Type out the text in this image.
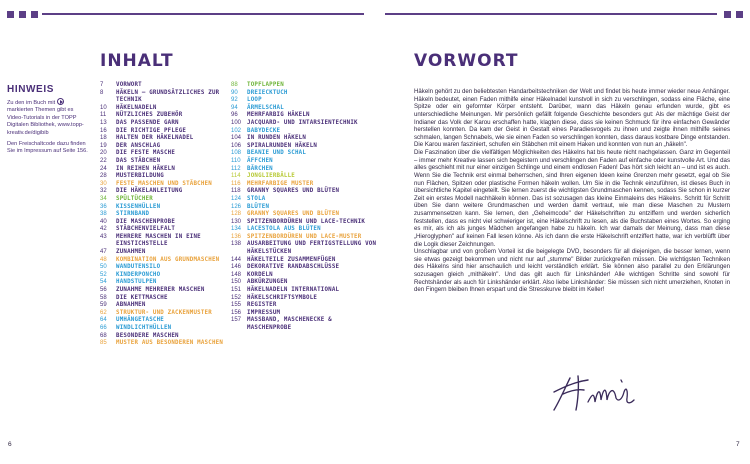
INHALT	VORWORT
HINWEIS
Zu den im Buch mit  markierten Themen gibt es Video-Tutorials in der TOPP Digitalen Bibliothek, www.topp-kreativ.de/digibib
Den Freischaltcode dazu finden Sie im Impressum auf Seite 156.
7	VORWORT
8	HÄKELN – GRUNDSÄTZLICHES ZUR TECHNIK
10	HÄKELNADELN
11	NÜTZLICHES ZUBEHÖR
13	DAS PASSENDE GARN
16	DIE RICHTIGE PFLEGE
18	HALTEN DER HÄKELNADEL
19	DER ANSCHLAG
20	DIE FESTE MASCHE
22	DAS STÄBCHEN
24	IN REIHEN HÄKELN
28	MUSTERBILDUNG
30	FESTE MASCHEN UND STÄBCHEN
32	DIE HÄKELANLEITUNG
34	SPÜLTÜCHER
36	KISSENHÜLLEN
38	STIRNBAND
40	DIE MASCHENPROBE
42	STÄBCHENVIELFALT
43	MEHRERE MASCHEN IN EINE EINSTICHSTELLE
47	ZUNAHMEN
48	KOMBINATION AUS GRUNDMASCHEN
50	WANDUTENSILO
52	KINDERPONCHO
54	HANDSTULPEN
56	ZUNAHME MEHRERER MASCHEN
58	DIE KETTMASCHE
59	ABNAHMEN
62	STRUKTUR- UND ZACKENMUSTER
64	UMHÄNGETASCHE
66	WINDLICHTHÜLLEN
68	BESONDERE MASCHEN
85	MUSTER AUS BESONDEREN MASCHEN
88	TOPFLAPPEN
90	DREIECKTUCH
92	LOOP
94	ÄRMELSCHAL
96	MEHRFARBIG HÄKELN
100	JACQUARD- UND INTARSIENTECHNIK
102	BABYDECKE
104	IN RUNDEN HÄKELN
106	SPIRALRUNDEN HÄKELN
108	BEANIE UND SCHAL
110	ÄFFCHEN
112	BÄRCHEN
114	JONGLIERBÄLLE
116	MEHRFARBIGE MUSTER
118	GRANNY SQUARES UND BLÜTEN
124	STOLA
126	BLÜTEN
128	GRANNY SQUARES UND BLÜTEN
130	SPITZENBORDÜREN UND LACE-TECHNIK
134	LACESTOLA AUS BLÜTEN
136	SPITZENBORDÜREN UND LACE-MUSTER
138	AUSARBEITUNG UND FERTIGSTELLUNG VON HÄKELSTÜCKEN
144	HÄKELTEILE ZUSAMMENFÜGEN
146	DEKORATIVE RANDABSCHLÜSSE
148	KORDELN
150	ABKÜRZUNGEN
151	HÄKELNADELN INTERNATIONAL
152	HÄKELSCHRIFTSYMBOLE
155	REGISTER
156	IMPRESSUM
157	MASSBAND, MASCHENECKE & MASCHENPROBE

Häkeln gehört zu den beliebtesten Handarbeitstechniken der Welt und findet bis heute immer wieder neue Anhänger. Häkeln bedeutet, einen Faden mithilfe einer Häkelnadel kunstvoll in sich zu verschlingen, sodass eine Fläche, eine Spitze oder ein geformter Körper entsteht. Darüber, wann das Häkeln genau erfunden wurde, gibt es unterschiedliche Meinungen. Mir persönlich gefällt folgende Geschichte besonders gut: Als der mächtige Geist der Indianer das Volk der Karou erschaffen hatte, klagten diese, dass sie keinen Schmuck für ihre einfachen Gewänder herstellen konnten. Da kam der Geist in Gestalt eines Paradiesvogels zu ihnen und zeigte ihnen mithilfe seines schmalen, langen Schnabels, wie sie einen Faden so verschlingen konnten, dass daraus kostbare Dinge entstanden. Die Karou waren fasziniert, schufen ein Stäbchen mit einem Haken und konnten von nun an „häkeln".

Die Faszination über die vielfältigen Möglichkeiten des Häkelns hat bis heute nicht nachgelassen. Ganz im Gegenteil – immer mehr Kreative lassen sich begeistern und verschlingen den Faden auf einfache oder kunstvolle Art. Und das alles geschieht mit nur einer einzigen Schlinge und einem endlosen Faden! Das hört sich leicht an – und ist es auch. Wenn Sie die Technik erst einmal beherrschen, sind Ihren eigenen Ideen keine Grenzen mehr gesetzt, egal ob Sie nun Flächen, Spitzen oder plastische Formen häkeln wollen. Um Sie in die Technik einzuführen, ist dieses Buch in übersichtliche Kapitel eingeteilt. Sie lernen zuerst die wichtigsten Grundmaschen kennen, sodass Sie schon in kurzer Zeit ein erstes Modell nachhäkeln können. Das ist sozusagen das kleine Einmaleins des Häkelns. Schritt für Schritt üben Sie dann weitere Grundmaschen und werden damit vertraut, wie man diese Maschen zu Mustern zusammensetzen kann. Sie lernen, den „Geheimcode" der Häkelschriften zu entziffern und werden sicherlich feststellen, dass es nicht viel schwieriger ist, eine Häkelschrift zu lesen, als die Buchstaben eines Wortes. So erging es mir, als ich als junges Mädchen angefangen habe zu häkeln. Ich war damals der Meinung, dass man diese „Hieroglyphen" auf keinen Fall lesen könne. Als ich dann die erste Häkelschrift entziffert hatte, war ich verblüfft über die Logik dieser Zeichnungen.

Unschlagbar und von großem Vorteil ist die beigelegte DVD, besonders für all diejenigen, die besser lernen, wenn sie etwas gezeigt bekommen und nicht nur auf „stumme" Bilder zurückgreifen müssen. Die wichtigsten Techniken des Häkelns sind hier anschaulich und leicht verständlich erklärt. Sie können also parallel zu den Erklärungen sozusagen gleich „mithäkeln". Und das gilt auch für Linkshänder! Alle wichtigen Schritte sind sowohl für Rechtshänder als auch für Linkshänder erklärt. Also liebe Linkshänder: Sie müssen sich nicht umerziehen, Knoten in den Fingern bleiben Ihnen erspart und die Stresskurve bleibt im Keller!

6	7
